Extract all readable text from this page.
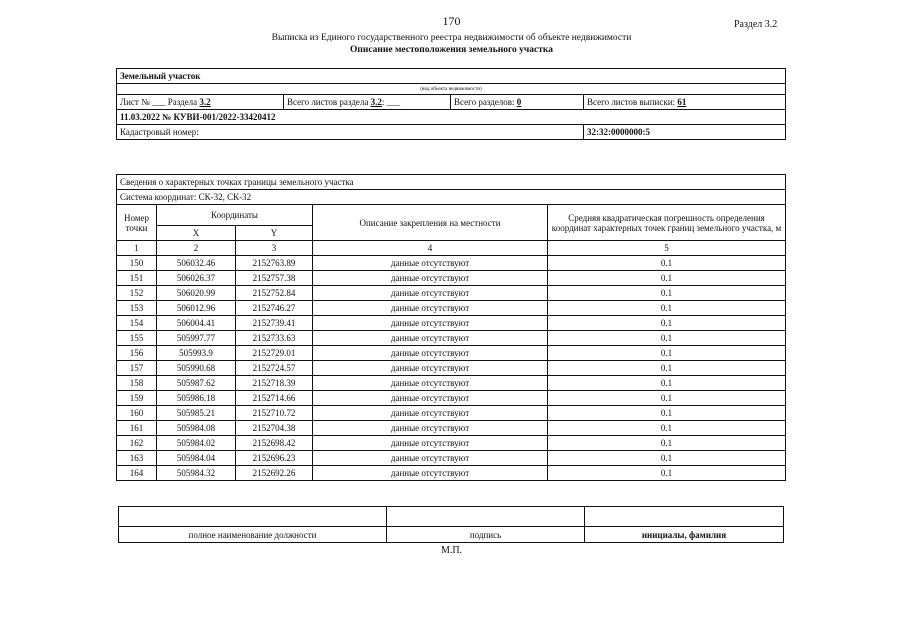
170	Раздел 3.2
Выписка из Единого государственного реестра недвижимости об объекте недвижимости
Описание местоположения земельного участка
Земельный участок			
(вид объекта недвижимости)			
Лист № ___ Раздела 3.2	Всего листов раздела 3.2: ___	Всего разделов: 0	Всего листов выписки: 61
11.03.2022 № КУВИ-001/2022-33420412			
Кадастровый номер:			32:32:0000000:5
Сведения о характерных точках границы земельного участка				
Система координат: СК-32, СК-32				
Номер точки	Координаты		Описание закрепления на местности	Средняя квадратическая погрешность определения координат характерных точек границ земельного участка, м
	X	Y		
1	2	3	4	5
150	506032.46	2152763.89	данные отсутствуют	0.1
151	506026.37	2152757.38	данные отсутствуют	0.1
152	506020.99	2152752.84	данные отсутствуют	0.1
153	506012.96	2152746.27	данные отсутствуют	0.1
154	506004.41	2152739.41	данные отсутствуют	0.1
155	505997.77	2152733.63	данные отсутствуют	0.1
156	505993.9	2152729.01	данные отсутствуют	0.1
157	505990.68	2152724.57	данные отсутствуют	0.1
158	505987.62	2152718.39	данные отсутствуют	0.1
159	505986.18	2152714.66	данные отсутствуют	0.1
160	505985.21	2152710.72	данные отсутствуют	0.1
161	505984.08	2152704.38	данные отсутствуют	0.1
162	505984.02	2152698.42	данные отсутствуют	0.1
163	505984.04	2152696.23	данные отсутствуют	0.1
164	505984.32	2152692.26	данные отсутствуют	0.1

полное наименование должности	подпись	инициалы, фамилия
М.П.
